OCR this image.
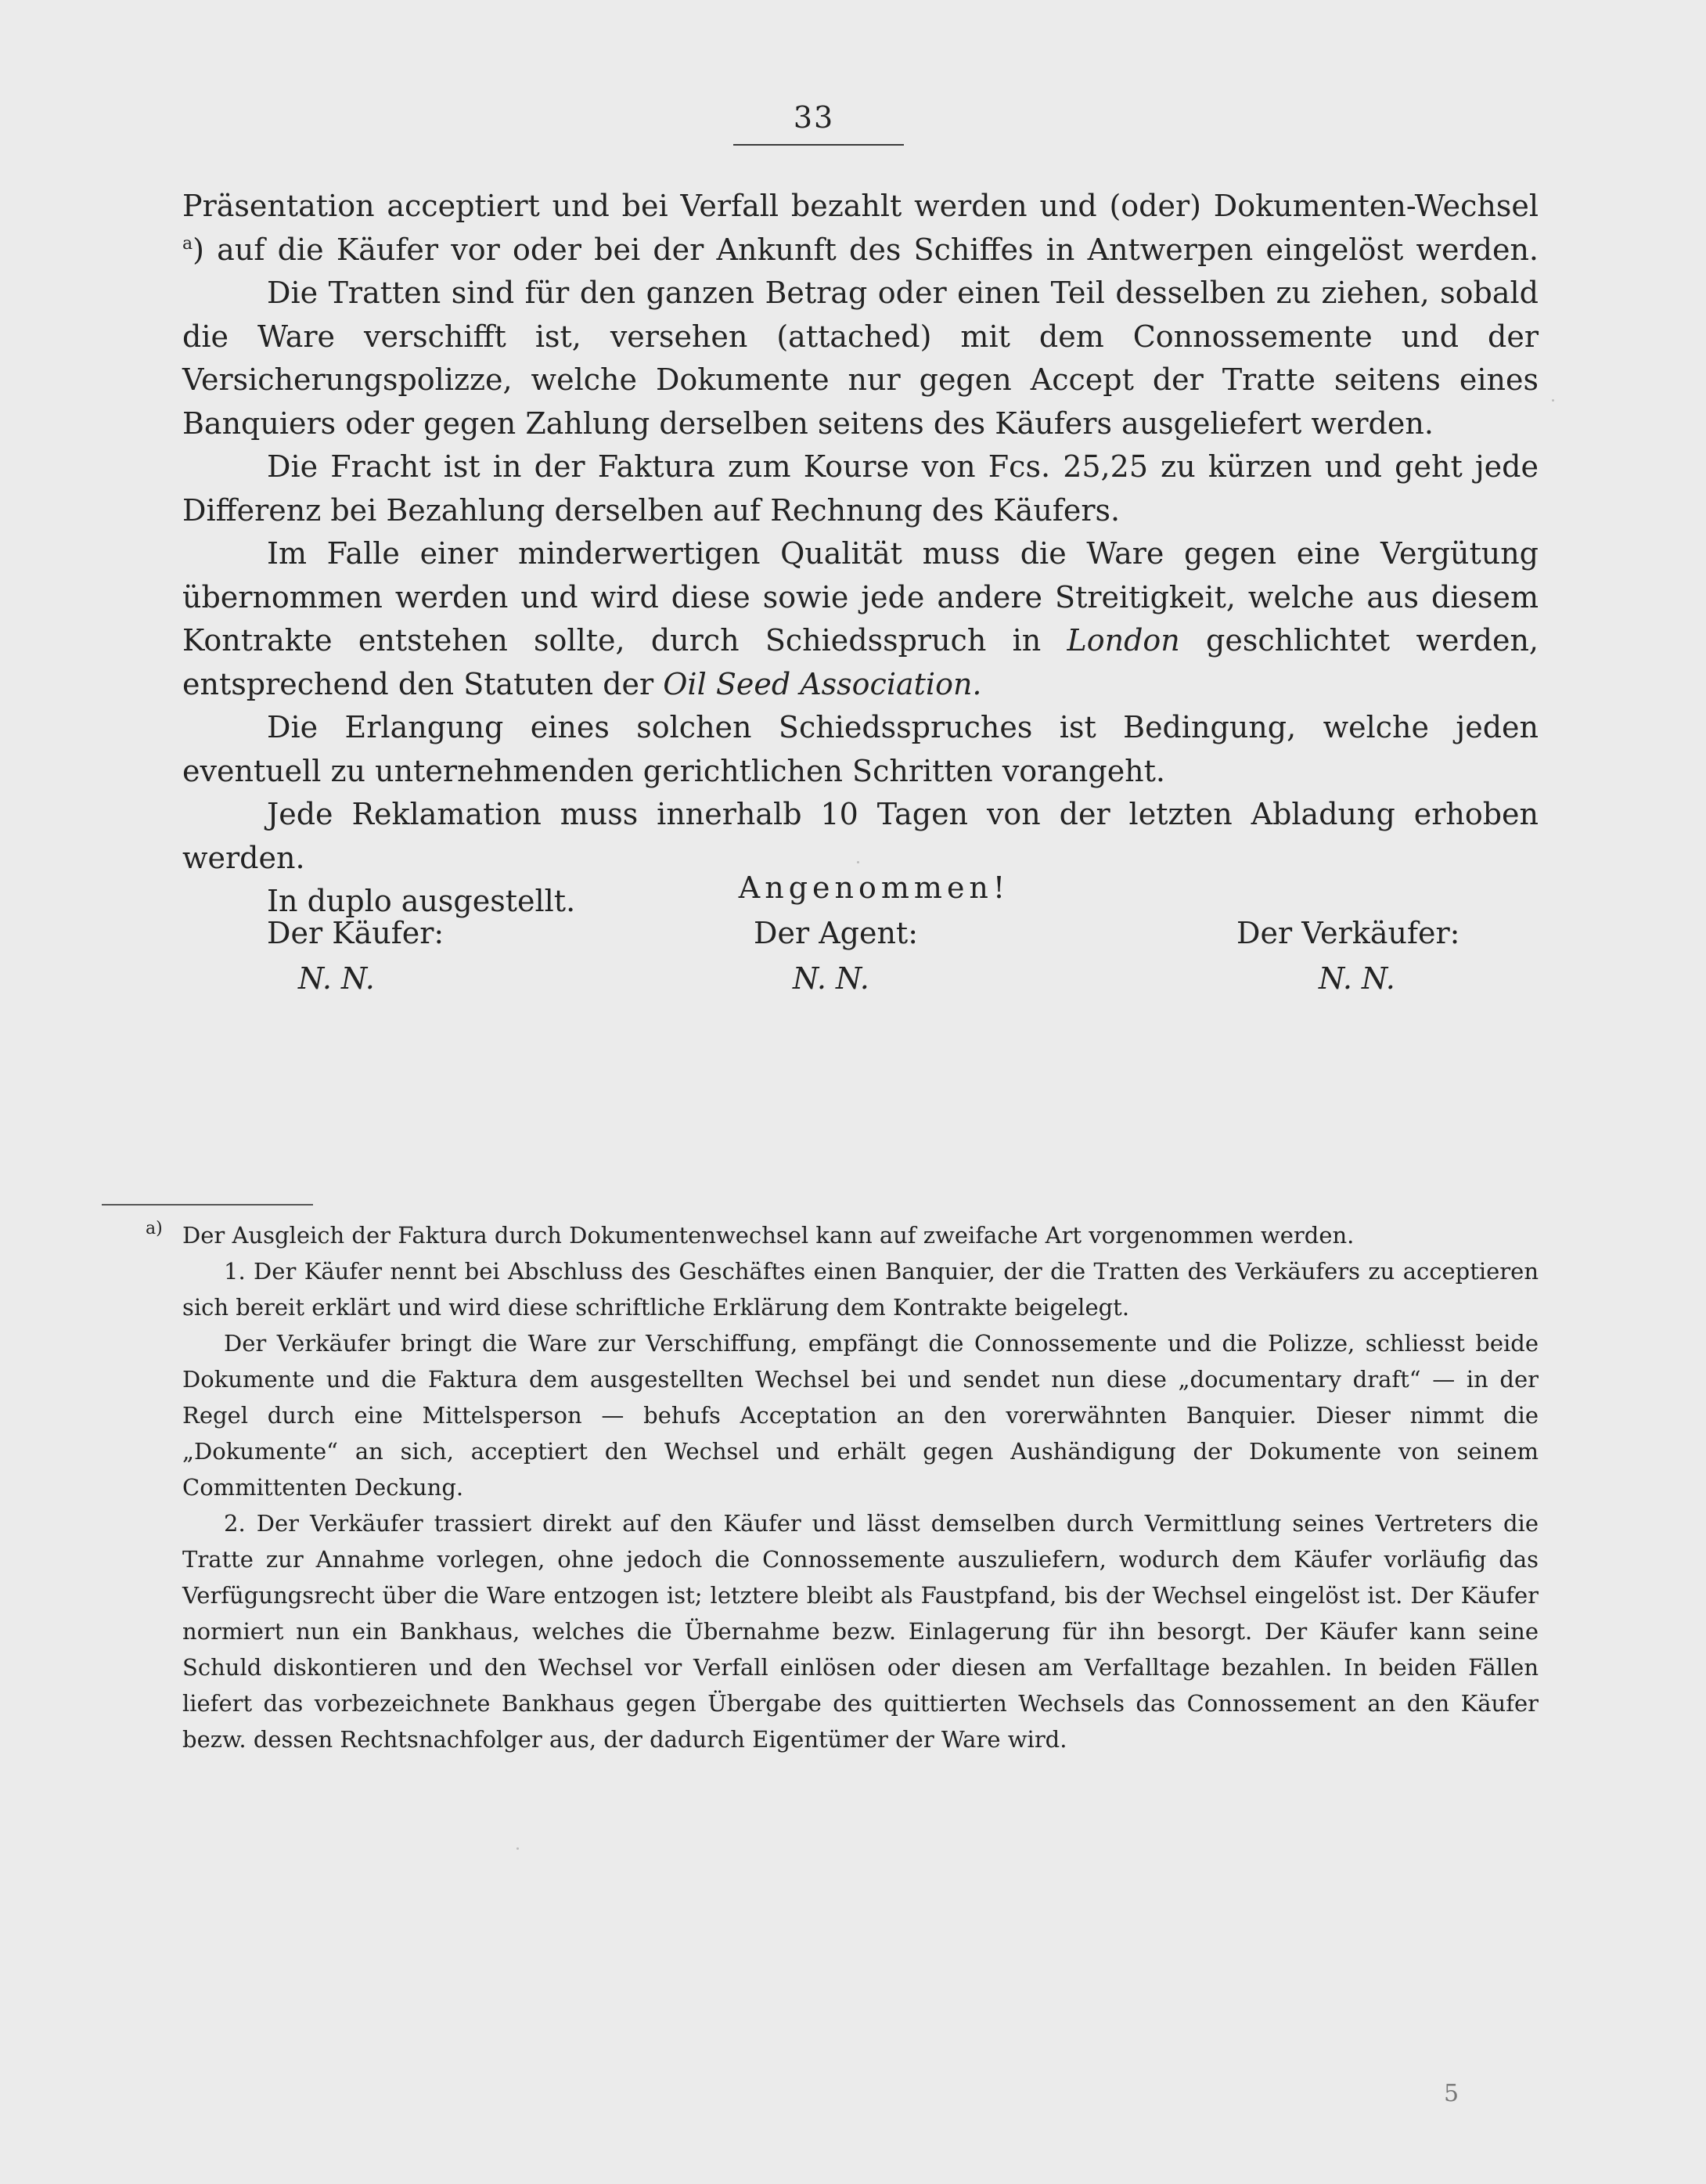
33

Präsentation acceptiert und bei Verfall bezahlt werden und (oder) Dokumenten-Wechsel $^a$) auf die Käufer vor oder bei der Ankunft des Schiffes in Antwerpen eingelöst werden.

Die Tratten sind für den ganzen Betrag oder einen Teil desselben zu ziehen, sobald die Ware verschifft ist, versehen (attached) mit dem Connossemente und der Versicherungspolizze, welche Dokumente nur gegen Accept der Tratte seitens eines Banquiers oder gegen Zahlung derselben seitens des Käufers ausgeliefert werden.

Die Fracht ist in der Faktura zum Kourse von Fcs. 25,25 zu kürzen und geht jede Differenz bei Bezahlung derselben auf Rechnung des Käufers.

Im Falle einer minderwertigen Qualität muss die Ware gegen eine Vergütung übernommen werden und wird diese sowie jede andere Streitigkeit, welche aus diesem Kontrakte entstehen sollte, durch Schiedsspruch in London geschlichtet werden, entsprechend den Statuten der Oil Seed Association.

Die Erlangung eines solchen Schiedsspruches ist Bedingung, welche jeden eventuell zu unternehmenden gerichtlichen Schritten vorangeht.

Jede Reklamation muss innerhalb 10 Tagen von der letzten Abladung erhoben werden.

In duplo ausgestellt.	Angenommen!
Der Käufer:
N. N.
Der Agent:
N. N.
Der Verkäufer:
N. N.

a) Der Ausgleich der Faktura durch Dokumentenwechsel kann auf zweifache Art vorgenommen werden.

1. Der Käufer nennt bei Abschluss des Geschäftes einen Banquier, der die Tratten des Verkäufers zu acceptieren sich bereit erklärt und wird diese schriftliche Erklärung dem Kontrakte beigelegt.

Der Verkäufer bringt die Ware zur Verschiffung, empfängt die Connossemente und die Polizze, schliesst beide Dokumente und die Faktura dem ausgestellten Wechsel bei und sendet nun diese „documentary draft“ — in der Regel durch eine Mittelsperson — behufs Acceptation an den vorerwähnten Banquier. Dieser nimmt die „Dokumente“ an sich, acceptiert den Wechsel und erhält gegen Aushändigung der Dokumente von seinem Committenten Deckung.

2. Der Verkäufer trassiert direkt auf den Käufer und lässt demselben durch Vermittlung seines Vertreters die Tratte zur Annahme vorlegen, ohne jedoch die Connossemente auszuliefern, wodurch dem Käufer vorläufig das Verfügungsrecht über die Ware entzogen ist; letztere bleibt als Faustpfand, bis der Wechsel eingelöst ist. Der Käufer normiert nun ein Bankhaus, welches die Übernahme bezw. Einlagerung für ihn besorgt. Der Käufer kann seine Schuld diskontieren und den Wechsel vor Verfall einlösen oder diesen am Verfalltage bezahlen. In beiden Fällen liefert das vorbezeichnete Bankhaus gegen Übergabe des quittierten Wechsels das Connossement an den Käufer bezw. dessen Rechtsnachfolger aus, der dadurch Eigentümer der Ware wird.

5
